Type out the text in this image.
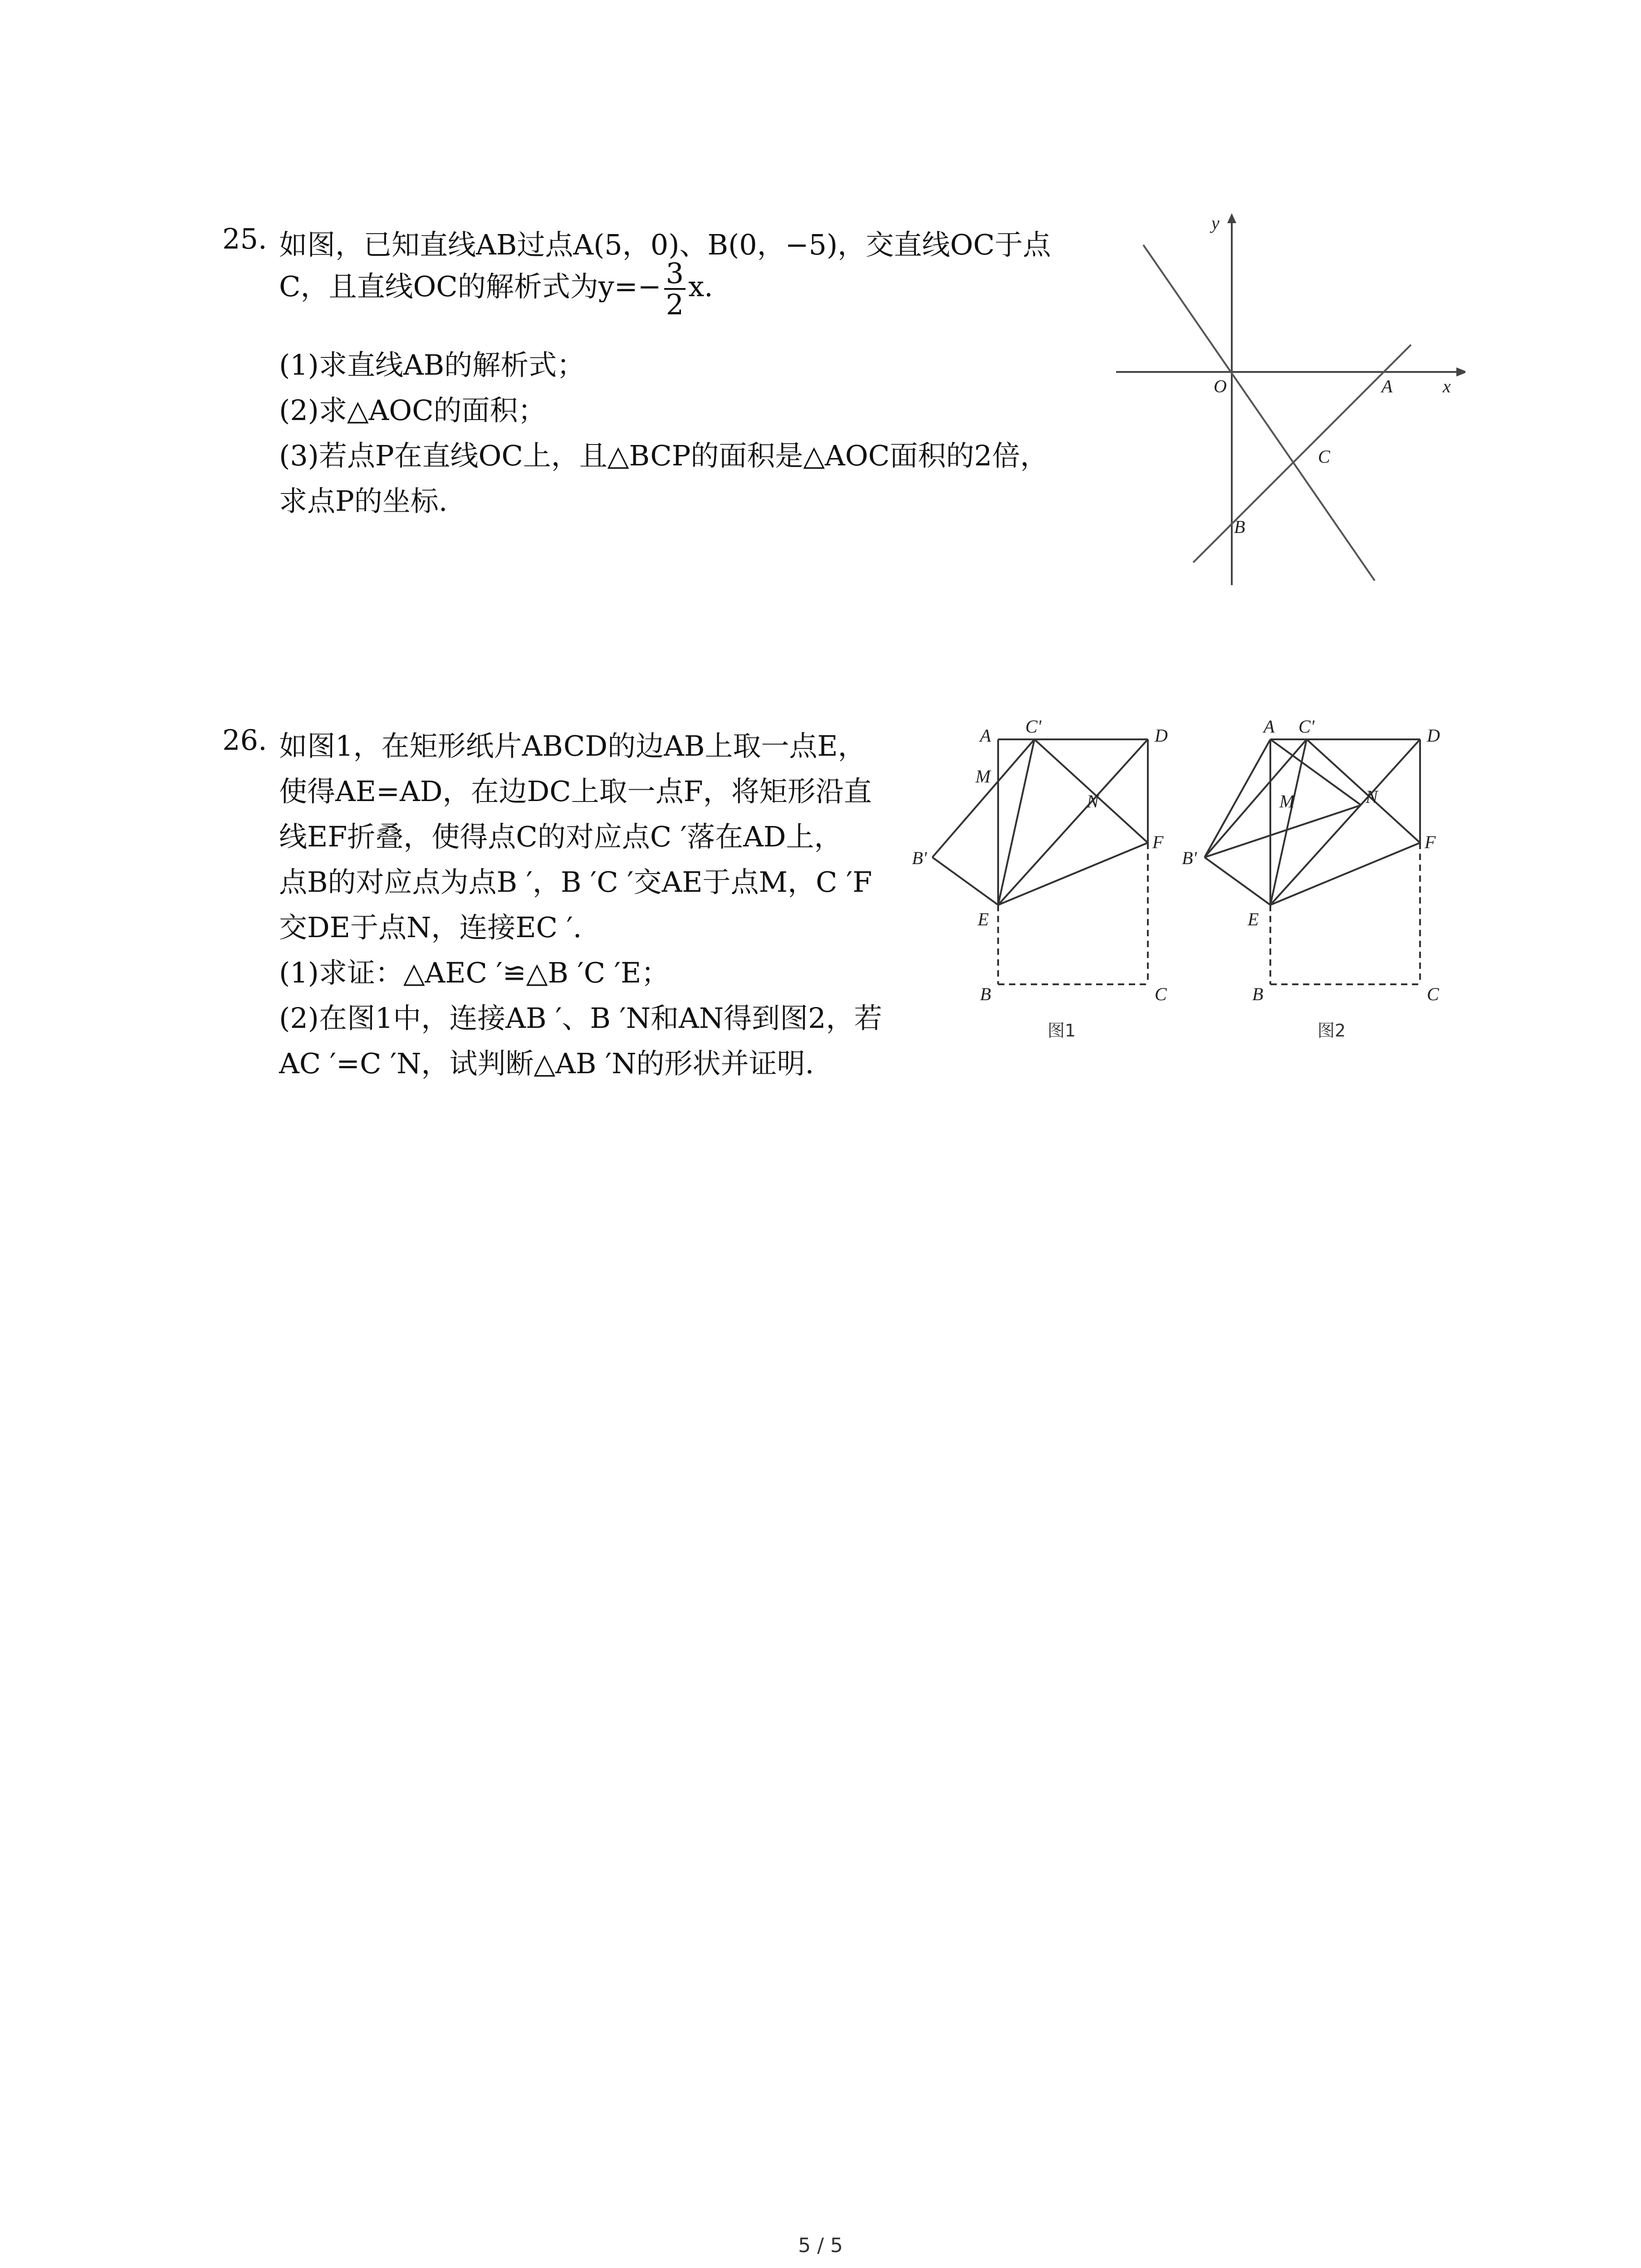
25. 如图，已知直线AB过点A(5，0)、B(0，−5)，交直线OC于点
C，且直线OC的解析式为$y=- \frac{3}{2} x$.
(1)求直线AB的解析式；
(2)求△AOC的面积；
(3)若点P在直线OC上，且△BCP的面积是△AOC面积的2倍，
求点P的坐标.
y
x
O	A
C
B
26. 如图1，在矩形纸片ABCD的边AB上取一点E，
使得AE=AD，在边DC上取一点F，将矩形沿直
线EF折叠，使得点C的对应点C ′落在AD上，
点B的对应点为点B ′，B ′C ′交AE于点M，C ′F
交DE于点N，连接EC ′.
(1)求证：△AEC ′≌△B ′C ′E；
(2)在图1中，连接AB ′、B ′N和AN得到图2，若
AC ′=C ′N，试判断△AB ′N的形状并证明.
A C'	D
M
N
B'
F
E
B	C
图1
A C'	D
M	N
B'
F
E
B	C
图2
5 / 5
